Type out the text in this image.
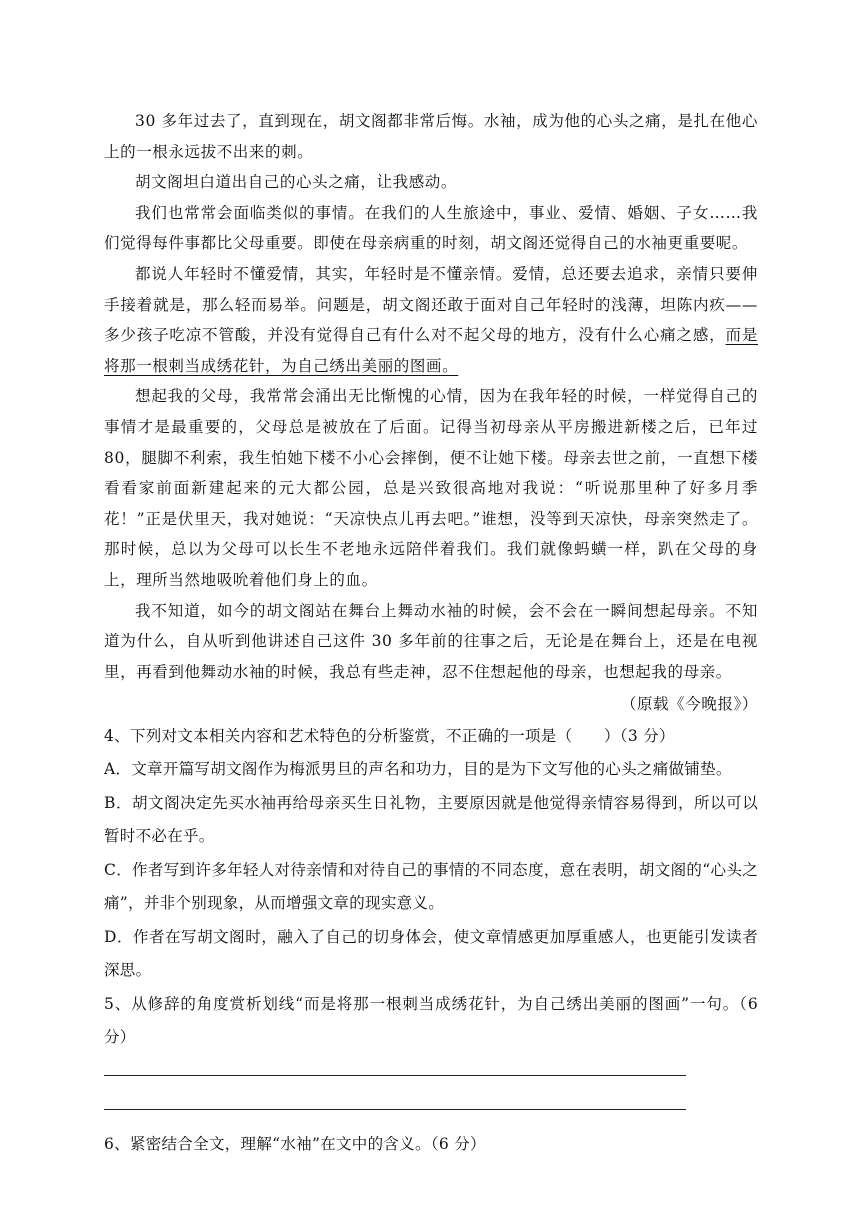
30 多年过去了，直到现在，胡文阁都非常后悔。水袖，成为他的心头之痛，是扎在他心上的一根永远拔不出来的刺。

胡文阁坦白道出自己的心头之痛，让我感动。

我们也常常会面临类似的事情。在我们的人生旅途中，事业、爱情、婚姻、子女……我们觉得每件事都比父母重要。即使在母亲病重的时刻，胡文阁还觉得自己的水袖更重要呢。

都说人年轻时不懂爱情，其实，年轻时是不懂亲情。爱情，总还要去追求，亲情只要伸手接着就是，那么轻而易举。问题是，胡文阁还敢于面对自己年轻时的浅薄，坦陈内疚——多少孩子吃凉不管酸，并没有觉得自己有什么对不起父母的地方，没有什么心痛之感，而是将那一根刺当成绣花针，为自己绣出美丽的图画。

想起我的父母，我常常会涌出无比惭愧的心情，因为在我年轻的时候，一样觉得自己的事情才是最重要的，父母总是被放在了后面。记得当初母亲从平房搬进新楼之后，已年过 80，腿脚不利索，我生怕她下楼不小心会摔倒，便不让她下楼。母亲去世之前，一直想下楼看看家前面新建起来的元大都公园，总是兴致很高地对我说：“听说那里种了好多月季花！”正是伏里天，我对她说：“天凉快点儿再去吧。”谁想，没等到天凉快，母亲突然走了。那时候，总以为父母可以长生不老地永远陪伴着我们。我们就像蚂蟥一样，趴在父母的身上，理所当然地吸吮着他们身上的血。

我不知道，如今的胡文阁站在舞台上舞动水袖的时候，会不会在一瞬间想起母亲。不知道为什么，自从听到他讲述自己这件 30 多年前的往事之后，无论是在舞台上，还是在电视里，再看到他舞动水袖的时候，我总有些走神，忍不住想起他的母亲，也想起我的母亲。

（原载《今晚报》）

4、下列对文本相关内容和艺术特色的分析鉴赏，不正确的一项是（　　）（3 分）

A．文章开篇写胡文阁作为梅派男旦的声名和功力，目的是为下文写他的心头之痛做铺垫。

B．胡文阁决定先买水袖再给母亲买生日礼物，主要原因就是他觉得亲情容易得到，所以可以暂时不必在乎。

C．作者写到许多年轻人对待亲情和对待自己的事情的不同态度，意在表明，胡文阁的“心头之痛”，并非个别现象，从而增强文章的现实意义。

D．作者在写胡文阁时，融入了自己的切身体会，使文章情感更加厚重感人，也更能引发读者深思。

5、从修辞的角度赏析划线“而是将那一根刺当成绣花针，为自己绣出美丽的图画”一句。（6 分）

6、紧密结合全文，理解“水袖”在文中的含义。（6 分）
